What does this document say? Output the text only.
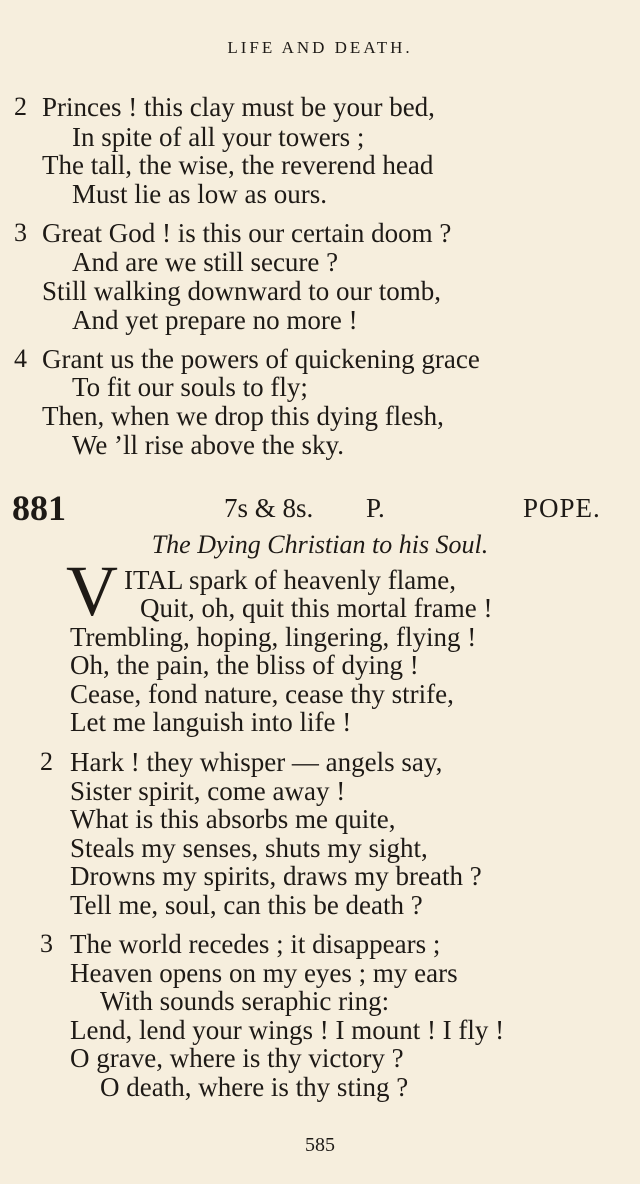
LIFE AND DEATH.
2 Princes ! this clay must be your bed,
In spite of all your towers ;
The tall, the wise, the reverend head
Must lie as low as ours.
3 Great God ! is this our certain doom ?
And are we still secure ?
Still walking downward to our tomb,
And yet prepare no more !
4 Grant us the powers of quickening grace
To fit our souls to fly;
Then, when we drop this dying flesh,
We ’ll rise above the sky.
881	7s & 8s. P.	POPE.
The Dying Christian to his Soul.
V ITAL spark of heavenly flame,
Quit, oh, quit this mortal frame !
Trembling, hoping, lingering, flying !
Oh, the pain, the bliss of dying !
Cease, fond nature, cease thy strife,
Let me languish into life !
2 Hark ! they whisper — angels say,
Sister spirit, come away !
What is this absorbs me quite,
Steals my senses, shuts my sight,
Drowns my spirits, draws my breath ?
Tell me, soul, can this be death ?
3 The world recedes ; it disappears ;
Heaven opens on my eyes ; my ears
With sounds seraphic ring:
Lend, lend your wings ! I mount ! I fly !
O grave, where is thy victory ?
O death, where is thy sting ?
585
